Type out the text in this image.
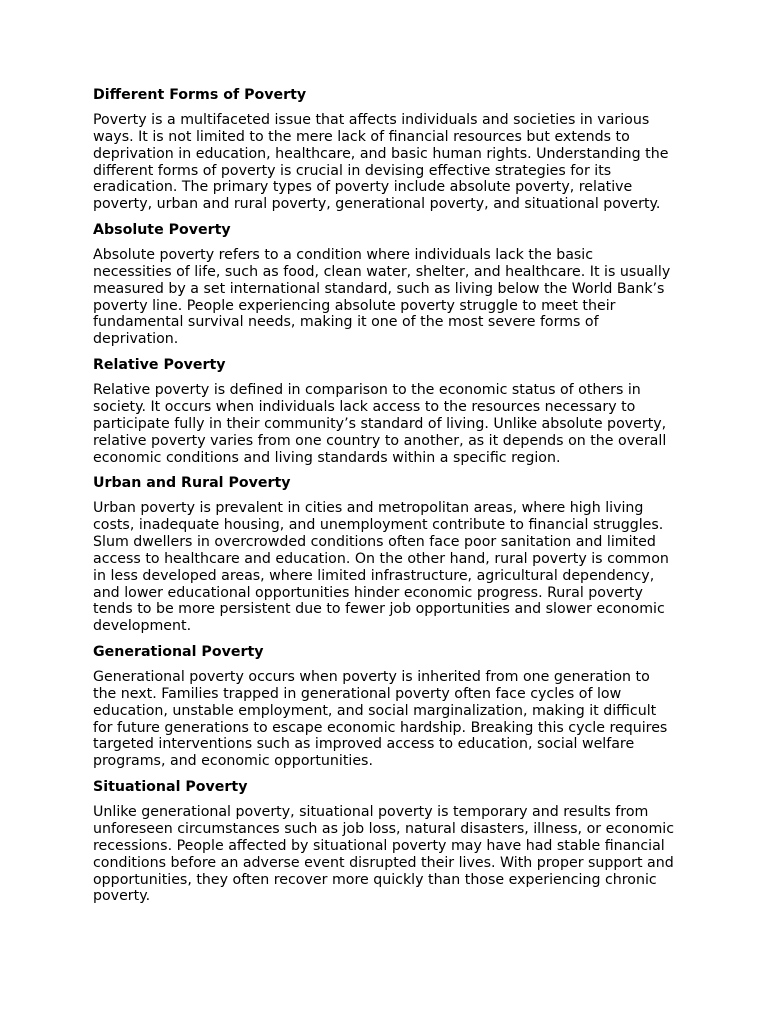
Different Forms of Poverty
Poverty is a multifaceted issue that affects individuals and societies in various
ways. It is not limited to the mere lack of financial resources but extends to
deprivation in education, healthcare, and basic human rights. Understanding the
different forms of poverty is crucial in devising effective strategies for its
eradication. The primary types of poverty include absolute poverty, relative
poverty, urban and rural poverty, generational poverty, and situational poverty.
Absolute Poverty
Absolute poverty refers to a condition where individuals lack the basic
necessities of life, such as food, clean water, shelter, and healthcare. It is usually
measured by a set international standard, such as living below the World Bank’s
poverty line. People experiencing absolute poverty struggle to meet their
fundamental survival needs, making it one of the most severe forms of
deprivation.
Relative Poverty
Relative poverty is defined in comparison to the economic status of others in
society. It occurs when individuals lack access to the resources necessary to
participate fully in their community’s standard of living. Unlike absolute poverty,
relative poverty varies from one country to another, as it depends on the overall
economic conditions and living standards within a specific region.
Urban and Rural Poverty
Urban poverty is prevalent in cities and metropolitan areas, where high living
costs, inadequate housing, and unemployment contribute to financial struggles.
Slum dwellers in overcrowded conditions often face poor sanitation and limited
access to healthcare and education. On the other hand, rural poverty is common
in less developed areas, where limited infrastructure, agricultural dependency,
and lower educational opportunities hinder economic progress. Rural poverty
tends to be more persistent due to fewer job opportunities and slower economic
development.
Generational Poverty
Generational poverty occurs when poverty is inherited from one generation to
the next. Families trapped in generational poverty often face cycles of low
education, unstable employment, and social marginalization, making it difficult
for future generations to escape economic hardship. Breaking this cycle requires
targeted interventions such as improved access to education, social welfare
programs, and economic opportunities.
Situational Poverty
Unlike generational poverty, situational poverty is temporary and results from
unforeseen circumstances such as job loss, natural disasters, illness, or economic
recessions. People affected by situational poverty may have had stable financial
conditions before an adverse event disrupted their lives. With proper support and
opportunities, they often recover more quickly than those experiencing chronic
poverty.
